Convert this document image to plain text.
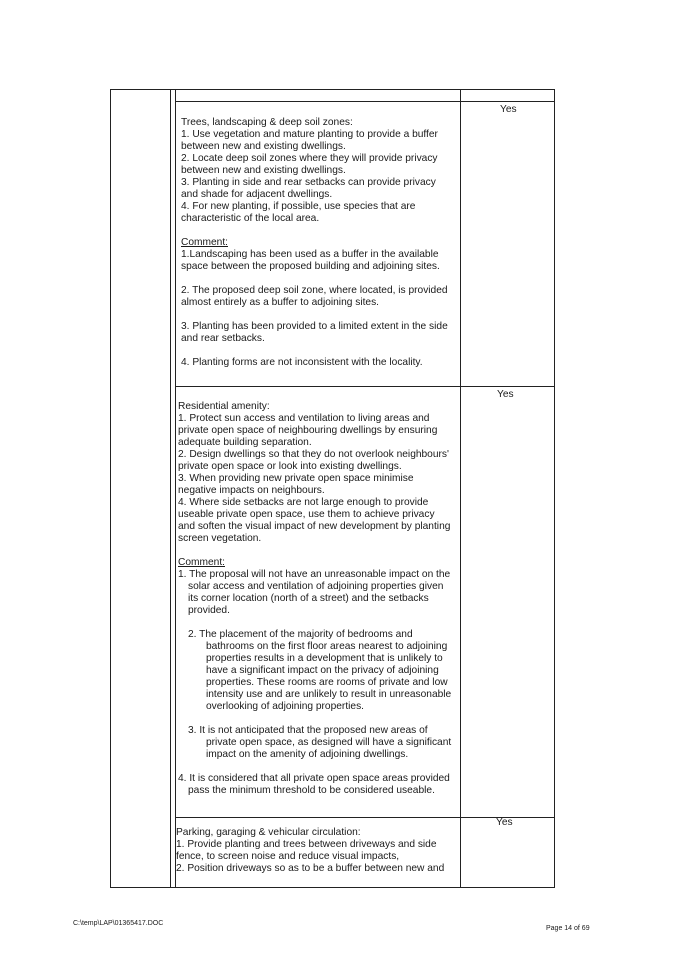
Yes

Trees, landscaping & deep soil zones:

1. Use vegetation and mature planting to provide a buffer between new and existing dwellings.

2. Locate deep soil zones where they will provide privacy between new and existing dwellings.

3. Planting in side and rear setbacks can provide privacy and shade for adjacent dwellings.

4. For new planting, if possible, use species that are characteristic of the local area.

Comment:

1.Landscaping has been used as a buffer in the available space between the proposed building and adjoining sites.

2. The proposed deep soil zone, where located, is provided almost entirely as a buffer to adjoining sites.

3. Planting has been provided to a limited extent in the side and rear setbacks.

4. Planting forms are not inconsistent with the locality.

Yes

Residential amenity:

1. Protect sun access and ventilation to living areas and private open space of neighbouring dwellings by ensuring adequate building separation.

2. Design dwellings so that they do not overlook neighbours' private open space or look into existing dwellings.

3. When providing new private open space minimise negative impacts on neighbours.

4. Where side setbacks are not large enough to provide useable private open space, use them to achieve privacy and soften the visual impact of new development by planting screen vegetation.

Comment:

1. The proposal will not have an unreasonable impact on the solar access and ventilation of adjoining properties given its corner location (north of a street) and the setbacks provided.

2. The placement of the majority of bedrooms and bathrooms on the first floor areas nearest to adjoining properties results in a development that is unlikely to have a significant impact on the privacy of adjoining properties. These rooms are rooms of private and low intensity use and are unlikely to result in unreasonable overlooking of adjoining properties.

3. It is not anticipated that the proposed new areas of private open space, as designed will have a significant impact on the amenity of adjoining dwellings.

4. It is considered that all private open space areas provided pass the minimum threshold to be considered useable.

Yes

Parking, garaging & vehicular circulation:

1. Provide planting and trees between driveways and side fence, to screen noise and reduce visual impacts,

2. Position driveways so as to be a buffer between new and

C:\temp\LAP\01365417.DOC
Page 14 of 69
